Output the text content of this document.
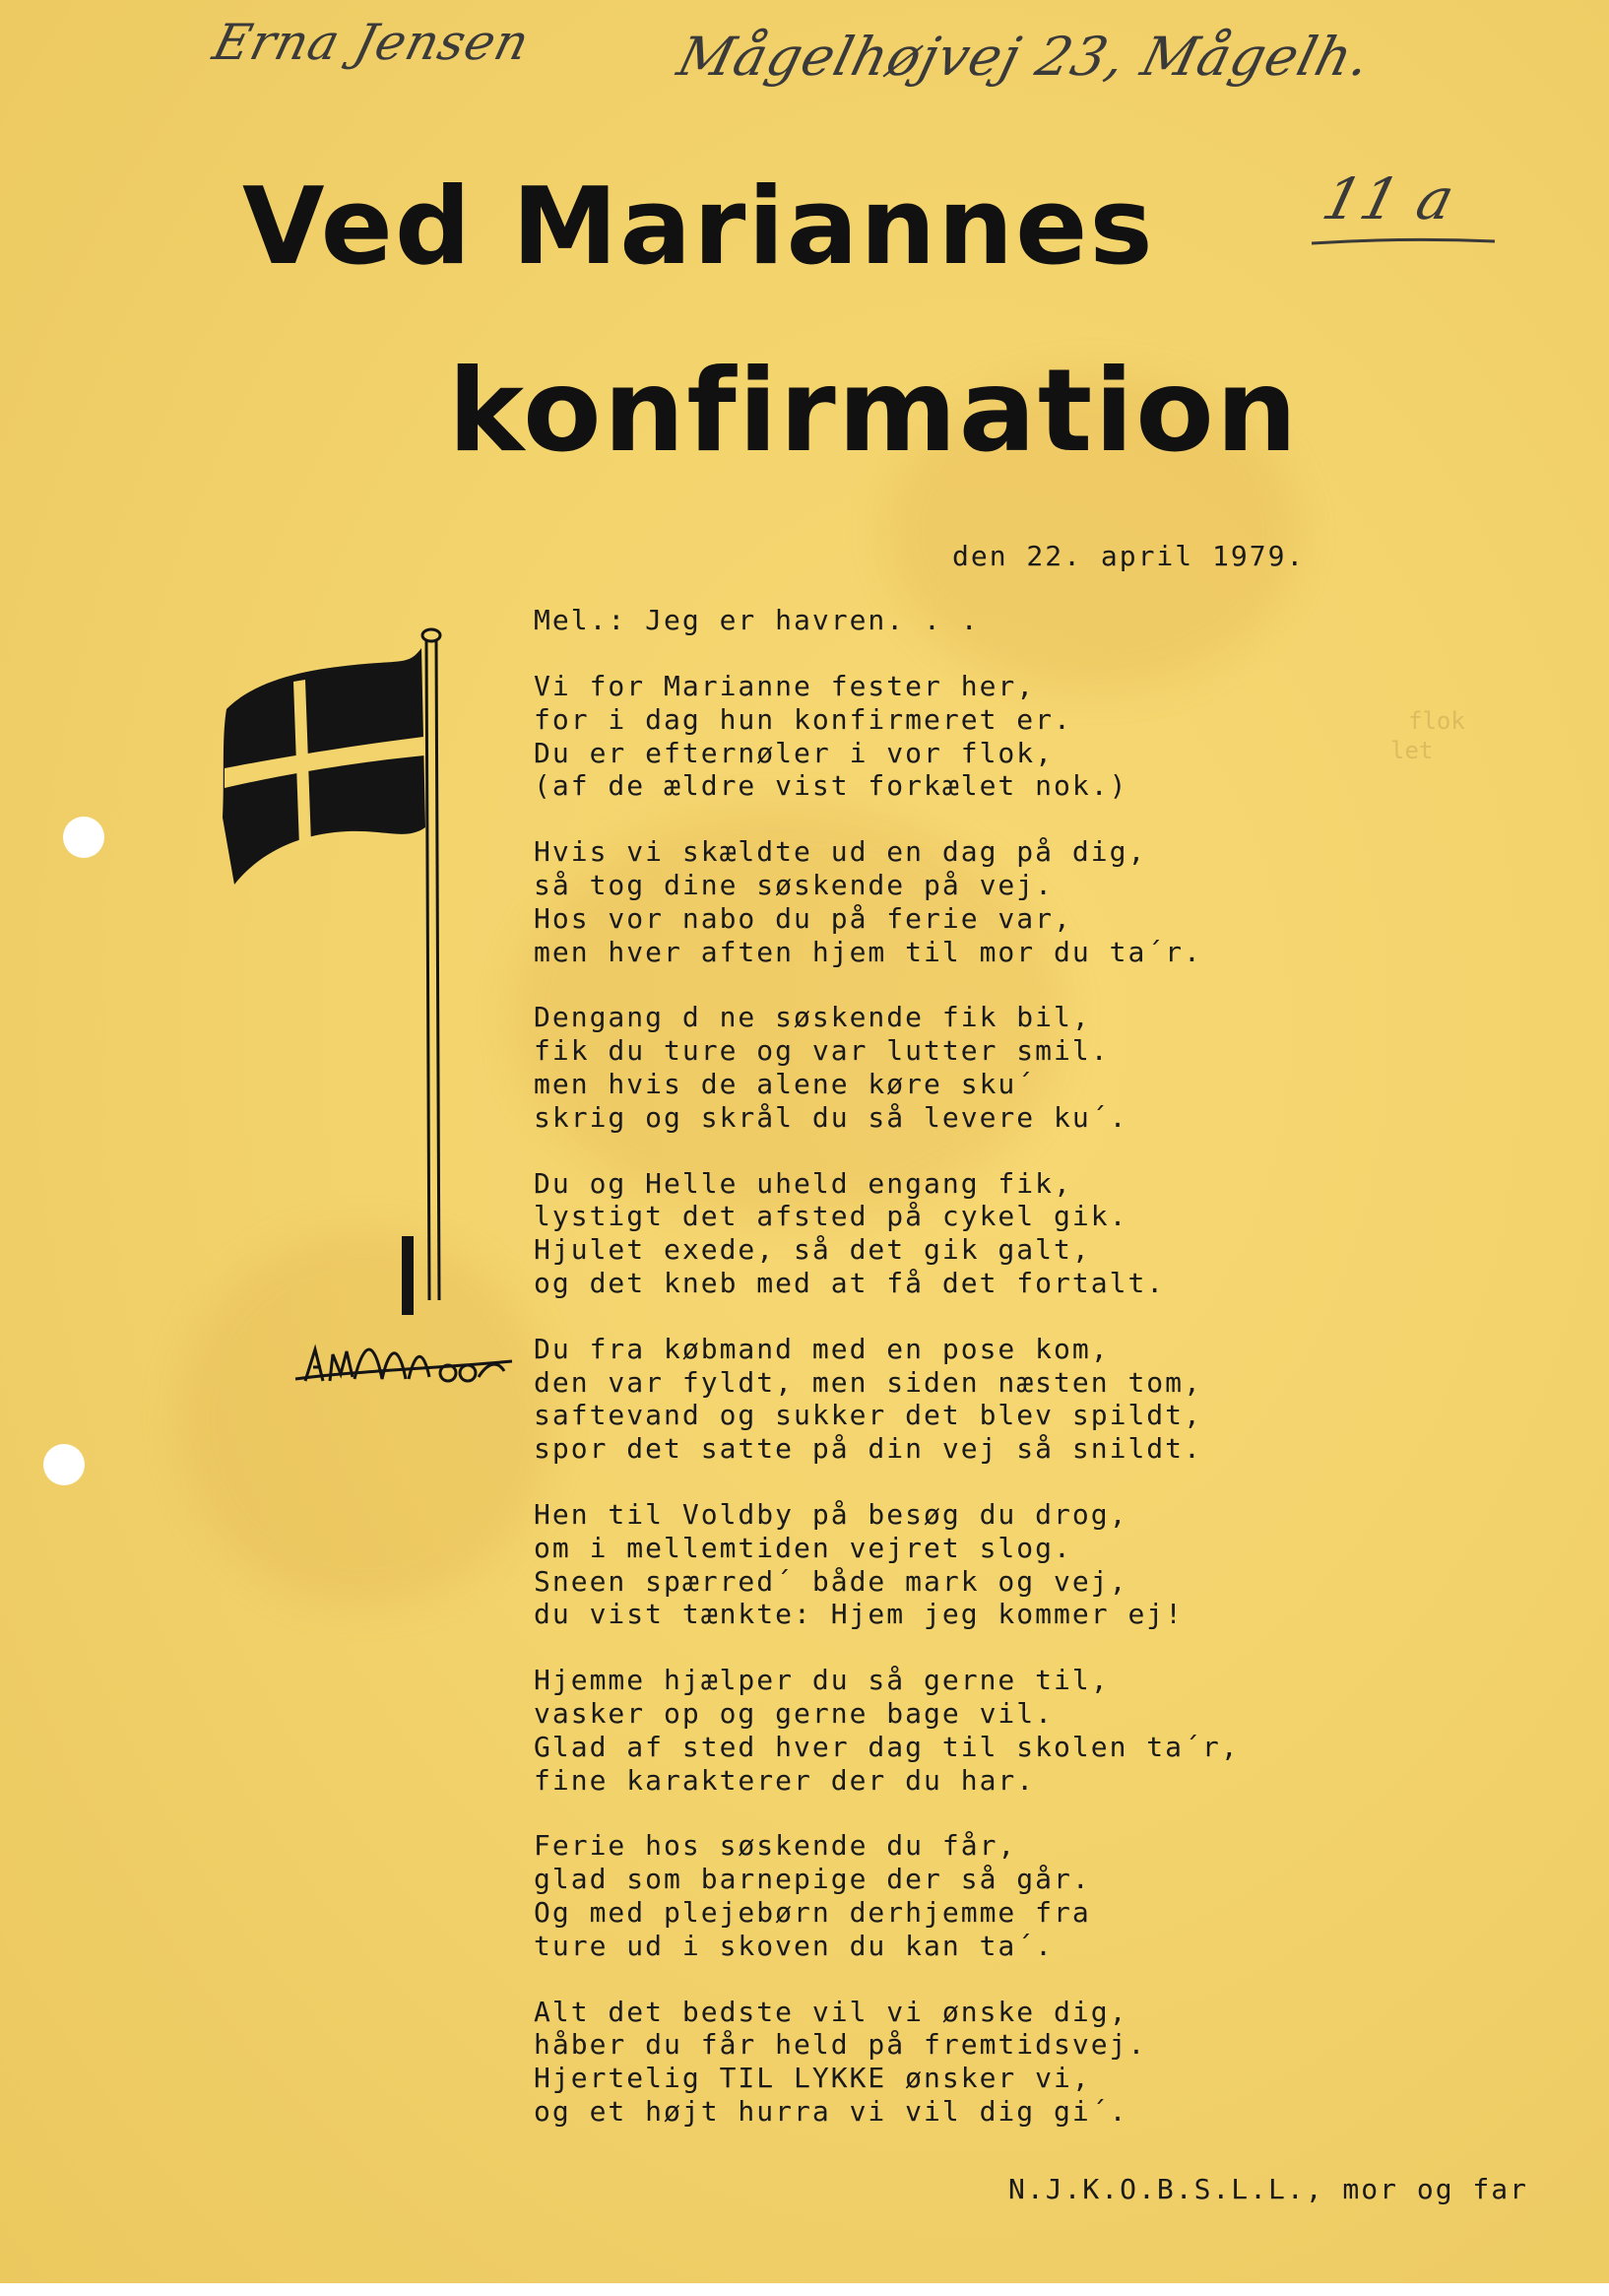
Erna Jensen	Mågelhøjvej 23, Mågelh.
11 a
Ved Mariannes
konfirmation
den 22. april 1979.
Mel.: Jeg er havren. . .
Vi for Marianne fester her,
for i dag hun konfirmeret er.
Du er efternøler i vor flok,
(af de ældre vist forkælet nok.)
Hvis vi skældte ud en dag på dig,
så tog dine søskende på vej.
Hos vor nabo du på ferie var,
men hver aften hjem til mor du ta´r.
Dengang d ne søskende fik bil,
fik du ture og var lutter smil.
men hvis de alene køre sku´
skrig og skrål du så levere ku´.
Du og Helle uheld engang fik,
lystigt det afsted på cykel gik.
Hjulet exede, så det gik galt,
og det kneb med at få det fortalt.
Du fra købmand med en pose kom,
den var fyldt, men siden næsten tom,
saftevand og sukker det blev spildt,
spor det satte på din vej så snildt.
Hen til Voldby på besøg du drog,
om i mellemtiden vejret slog.
Sneen spærred´ både mark og vej,
du vist tænkte: Hjem jeg kommer ej!
Hjemme hjælper du så gerne til,
vasker op og gerne bage vil.
Glad af sted hver dag til skolen ta´r,
fine karakterer der du har.
Ferie hos søskende du får,
glad som barnepige der så går.
Og med plejebørn derhjemme fra
ture ud i skoven du kan ta´.
Alt det bedste vil vi ønske dig,
håber du får held på fremtidsvej.
Hjertelig TIL LYKKE ønsker vi,
og et højt hurra vi vil dig gi´.
N.J.K.O.B.S.L.L., mor og far
flok
let
